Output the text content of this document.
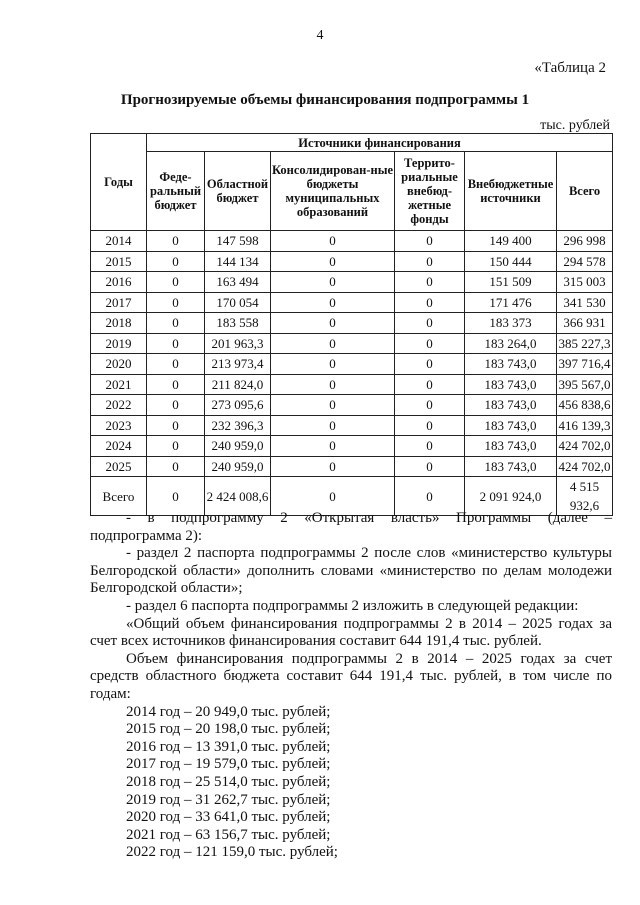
4
«Таблица 2
Прогнозируемые объемы финансирования подпрограммы 1
тыс. рублей
Годы	Источники финансирования					
	Феде-ральный бюджет	Областной бюджет	Консолидирован-ные бюджеты муниципальных образований	Террито-риальные внебюд-жетные фонды	Внебюджетные источники	Всего
2014	0	147 598	0	0	149 400	296 998
2015	0	144 134	0	0	150 444	294 578
2016	0	163 494	0	0	151 509	315 003
2017	0	170 054	0	0	171 476	341 530
2018	0	183 558	0	0	183 373	366 931
2019	0	201 963,3	0	0	183 264,0	385 227,3
2020	0	213 973,4	0	0	183 743,0	397 716,4
2021	0	211 824,0	0	0	183 743,0	395 567,0
2022	0	273 095,6	0	0	183 743,0	456 838,6
2023	0	232 396,3	0	0	183 743,0	416 139,3
2024	0	240 959,0	0	0	183 743,0	424 702,0
2025	0	240 959,0	0	0	183 743,0	424 702,0
Всего	0	2 424 008,6	0	0	2 091 924,0	4 515 932,6

- в подпрограмму 2 «Открытая власть» Программы (далее –

подпрограмма 2):

- раздел 2 паспорта подпрограммы 2 после слов «министерство культуры Белгородской области» дополнить словами «министерство по делам молодежи Белгородской области»;

- раздел 6 паспорта подпрограммы 2 изложить в следующей редакции:

«Общий объем финансирования подпрограммы 2 в 2014 – 2025 годах за счет всех источников финансирования составит 644 191,4 тыс. рублей.

Объем финансирования подпрограммы 2 в 2014 – 2025 годах за счет средств областного бюджета составит 644 191,4 тыс. рублей, в том числе по годам:

2014 год – 20 949,0 тыс. рублей;

2015 год – 20 198,0 тыс. рублей;

2016 год – 13 391,0 тыс. рублей;

2017 год – 19 579,0 тыс. рублей;

2018 год – 25 514,0 тыс. рублей;

2019 год – 31 262,7 тыс. рублей;

2020 год – 33 641,0 тыс. рублей;

2021 год – 63 156,7 тыс. рублей;

2022 год – 121 159,0 тыс. рублей;
